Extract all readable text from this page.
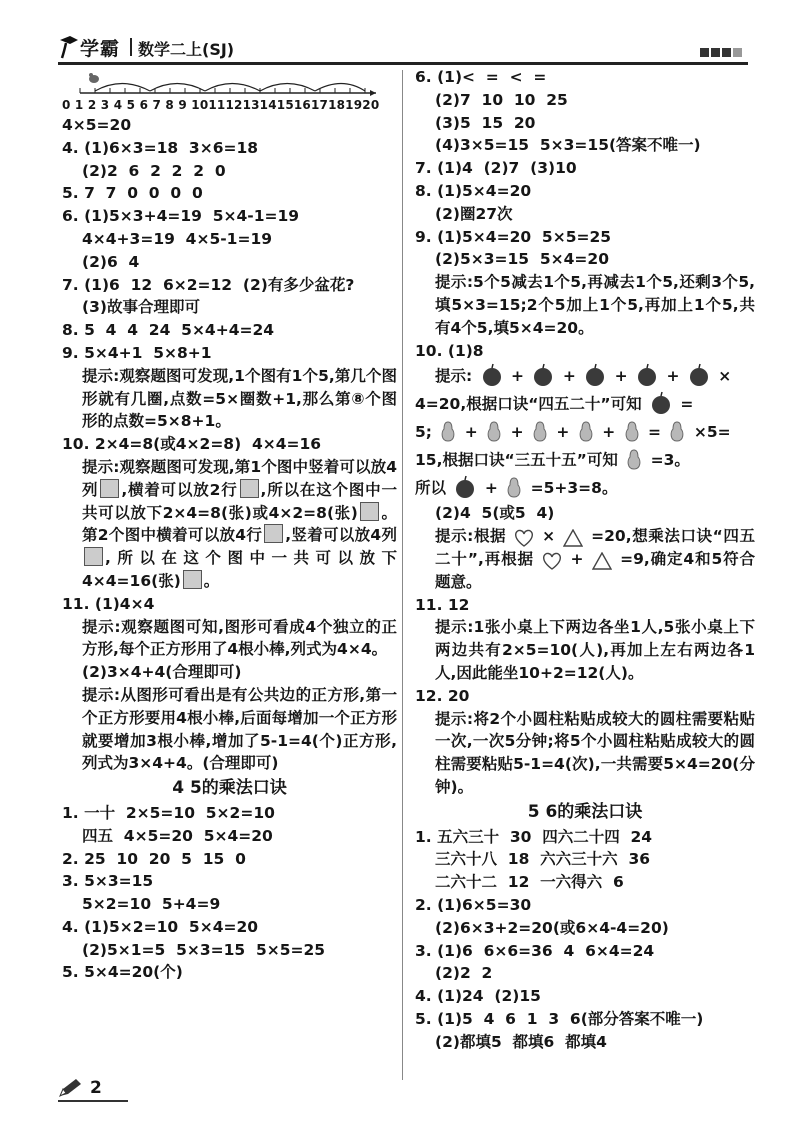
学霸 数学二上(SJ)
0 1 2 3 4 5 6 7 8 9 1011121314151617181920
4×5=20
4. (1)6×3=18  3×6=18
(2)2  6  2  2  2  0
5. 7  7  0  0  0  0
6. (1)5×3+4=19  5×4-1=19
4×4+3=19  4×5-1=19
(2)6  4
7. (1)6  12  6×2=12  (2)有多少盆花?
(3)故事合理即可
8. 5  4  4  24  5×4+4=24
9. 5×4+1  5×8+1
提示:观察题图可发现,1个图有1个5,第几个图形就有几圈,点数=5×圈数+1,那么第⑧个图形的点数=5×8+1。
10. 2×4=8(或4×2=8)  4×4=16
提示:观察题图可发现,第1个图中竖着可以放4列 ,横着可以放2行 ,所以在这个图中一共可以放下2×4=8(张)或4×2=8(张) 。第2个图中横着可以放4行 ,竖着可以放4列,所以在这个图中一共可以放下4×4=16(张) 。
11. (1)4×4
提示:观察题图可知,图形可看成4个独立的正方形,每个正方形用了4根小棒,列式为4×4。
(2)3×4+4(合理即可)
提示:从图形可看出是有公共边的正方形,第一个正方形要用4根小棒,后面每增加一个正方形就要增加3根小棒,增加了5-1=4(个)正方形,列式为3×4+4。(合理即可)
4 5的乘法口诀
1. 一十  2×5=10  5×2=10
四五  4×5=20  5×4=20
2. 25  10  20  5  15  0
3. 5×3=15
5×2=10  5+4=9
4. (1)5×2=10  5×4=20
(2)5×1=5  5×3=15  5×5=25
5. 5×4=20(个)
6. (1)<  =  <  =
(2)7  10  10  25
(3)5  15  20
(4)3×5=15  5×3=15(答案不唯一)
7. (1)4  (2)7  (3)10
8. (1)5×4=20
(2)圈27次
9. (1)5×4=20  5×5=25
(2)5×3=15  5×4=20
提示:5个5减去1个5,再减去1个5,还剩3个5,填5×3=15;2个5加上1个5,再加上1个5,共有4个5,填5×4=20。
10. (1)8
提示:	+	+	+	+	×
4=20,根据口诀“四五二十”可知	=
5; + + + + = ×5=
15,根据口诀“三五十五”可知 =3。
所以	+ =5+3=8。
(2)4  5(或5  4)
提示:根据 × =20,想乘法口诀“四五二十”,再根据 + =9,确定4和5符合题意。
11. 12
提示:1张小桌上下两边各坐1人,5张小桌上下两边共有2×5=10(人),再加上左右两边各1人,因此能坐10+2=12(人)。
12. 20
提示:将2个小圆柱粘贴成较大的圆柱需要粘贴一次,一次5分钟;将5个小圆柱粘贴成较大的圆柱需要粘贴5-1=4(次),一共需要5×4=20(分钟)。
5 6的乘法口诀
1. 五六三十  30  四六二十四  24
三六十八  18  六六三十六  36
二六十二  12  一六得六  6
2. (1)6×5=30
(2)6×3+2=20(或6×4-4=20)
3. (1)6  6×6=36  4  6×4=24
(2)2  2
4. (1)24  (2)15
5. (1)5  4  6  1  3  6(部分答案不唯一)
(2)都填5  都填6  都填4
2
